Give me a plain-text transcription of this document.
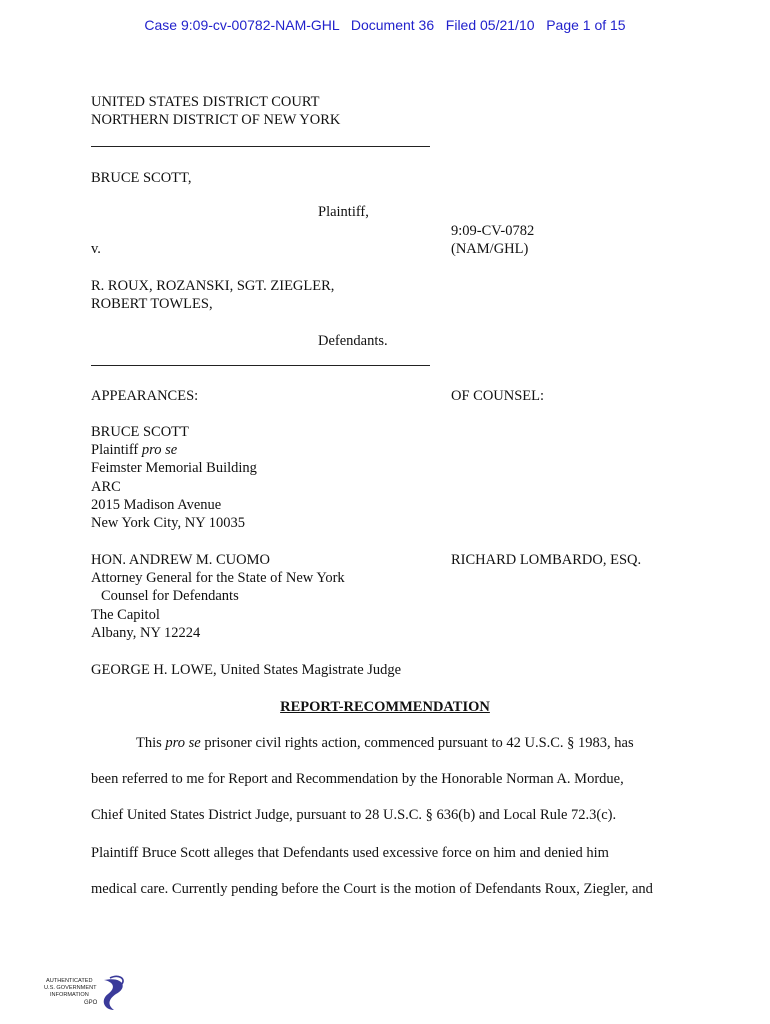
Case 9:09-cv-00782-NAM-GHL   Document 36   Filed 05/21/10   Page 1 of 15
UNITED STATES DISTRICT COURT
NORTHERN DISTRICT OF NEW YORK
BRUCE SCOTT,
Plaintiff,
9:09-CV-0782
(NAM/GHL)
v.
R. ROUX, ROZANSKI, SGT. ZIEGLER,
ROBERT TOWLES,
Defendants.
APPEARANCES:	OF COUNSEL:
BRUCE SCOTT
Plaintiff pro se
Feimster Memorial Building
ARC
2015 Madison Avenue
New York City, NY 10035
HON. ANDREW M. CUOMO
Attorney General for the State of New York
Counsel for Defendants
The Capitol
Albany, NY 12224
RICHARD LOMBARDO, ESQ.
GEORGE H. LOWE, United States Magistrate Judge
REPORT-RECOMMENDATION
This pro se prisoner civil rights action, commenced pursuant to 42 U.S.C. § 1983, has
been referred to me for Report and Recommendation by the Honorable Norman A. Mordue,
Chief United States District Judge, pursuant to 28 U.S.C. § 636(b) and Local Rule 72.3(c).
Plaintiff Bruce Scott alleges that Defendants used excessive force on him and denied him
medical care. Currently pending before the Court is the motion of Defendants Roux, Ziegler, and
AUTHENTICATED
U.S. GOVERNMENT
INFORMATION
GPO
